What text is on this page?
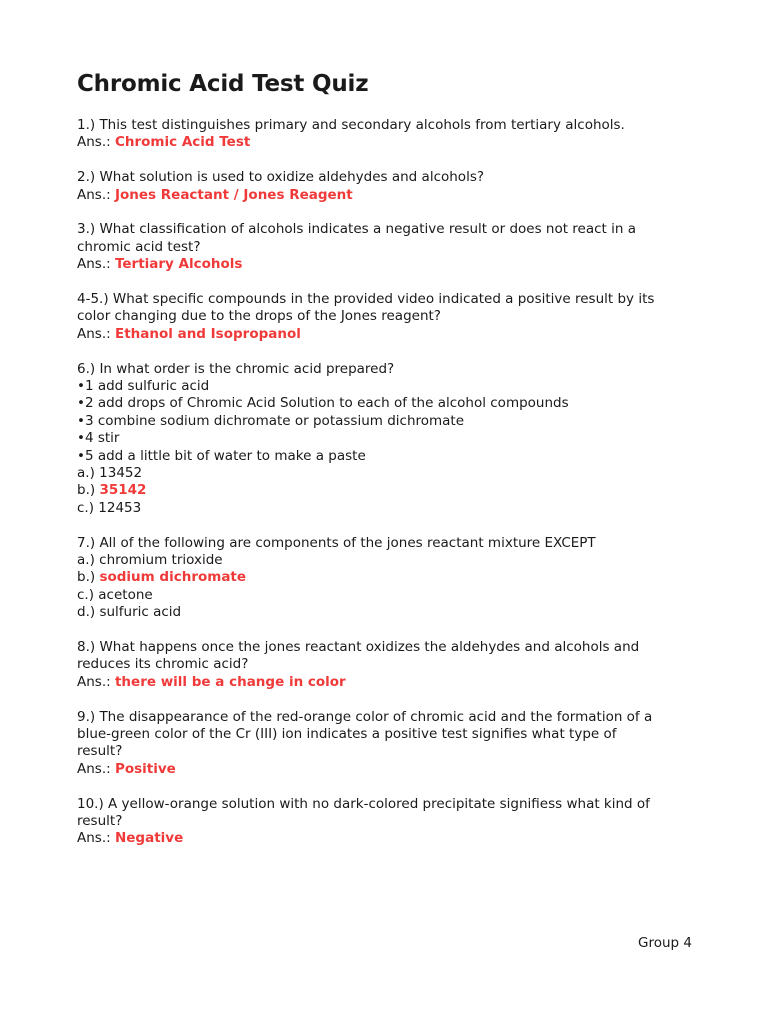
Chromic Acid Test Quiz
1.) This test distinguishes primary and secondary alcohols from tertiary alcohols.
Ans.: Chromic Acid Test
2.) What solution is used to oxidize aldehydes and alcohols?
Ans.: Jones Reactant / Jones Reagent
3.) What classification of alcohols indicates a negative result or does not react in a
chromic acid test?
Ans.: Tertiary Alcohols
4-5.) What specific compounds in the provided video indicated a positive result by its
color changing due to the drops of the Jones reagent?
Ans.: Ethanol and Isopropanol
6.) In what order is the chromic acid prepared?
•1 add sulfuric acid
•2 add drops of Chromic Acid Solution to each of the alcohol compounds
•3 combine sodium dichromate or potassium dichromate
•4 stir
•5 add a little bit of water to make a paste
a.) 13452
b.) 35142
c.) 12453
7.) All of the following are components of the jones reactant mixture EXCEPT
a.) chromium trioxide
b.) sodium dichromate
c.) acetone
d.) sulfuric acid
8.) What happens once the jones reactant oxidizes the aldehydes and alcohols and
reduces its chromic acid?
Ans.: there will be a change in color
9.) The disappearance of the red-orange color of chromic acid and the formation of a
blue-green color of the Cr (III) ion indicates a positive test signifies what type of
result?
Ans.: Positive
10.) A yellow-orange solution with no dark-colored precipitate signifiess what kind of
result?
Ans.: Negative
Group 4
